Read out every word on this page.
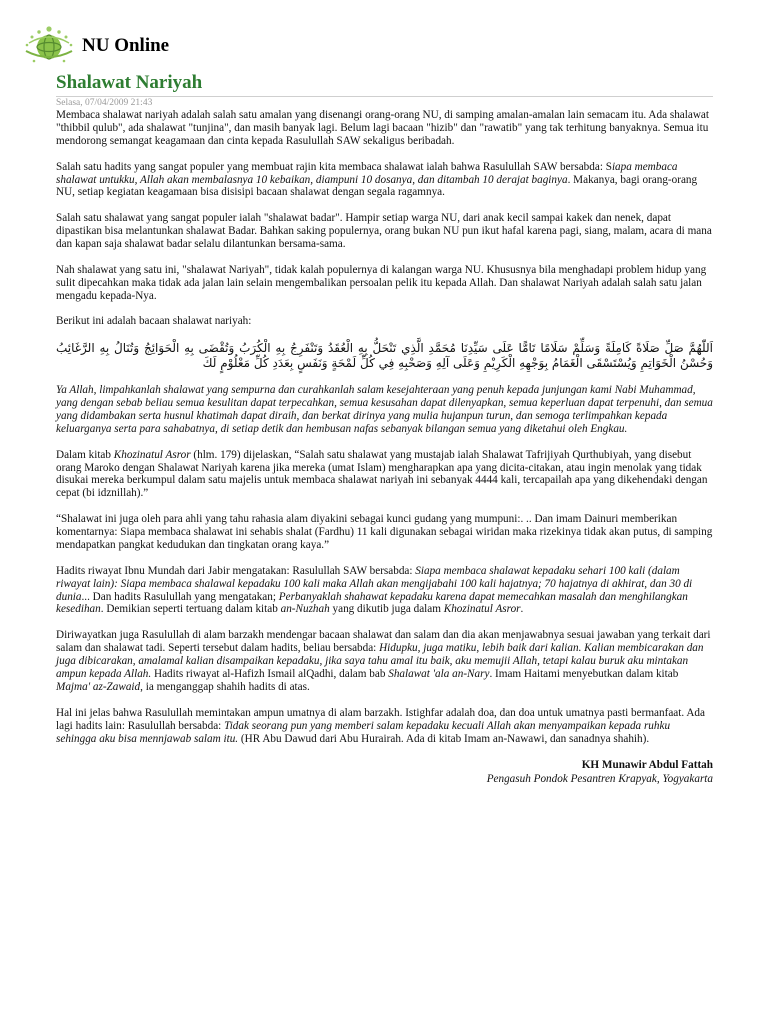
NU Online
Shalawat Nariyah
Selasa, 07/04/2009 21:43

Membaca shalawat nariyah adalah salah satu amalan yang disenangi orang-orang NU, di samping amalan-amalan lain semacam itu. Ada shalawat "thibbil qulub", ada shalawat "tunjina", dan masih banyak lagi. Belum lagi bacaan "hizib" dan "rawatib" yang tak terhitung banyaknya. Semua itu mendorong semangat keagamaan dan cinta kepada Rasulullah SAW sekaligus beribadah.

Salah satu hadits yang sangat populer yang membuat rajin kita membaca shalawat ialah bahwa Rasulullah SAW bersabda: Siapa membaca shalawat untukku, Allah akan membalasnya 10 kebaikan, diampuni 10 dosanya, dan ditambah 10 derajat baginya. Makanya, bagi orang-orang NU, setiap kegiatan keagamaan bisa disisipi bacaan shalawat dengan segala ragamnya.

Salah satu shalawat yang sangat populer ialah "shalawat badar". Hampir setiap warga NU, dari anak kecil sampai kakek dan nenek, dapat dipastikan bisa melantunkan shalawat Badar. Bahkan saking populernya, orang bukan NU pun ikut hafal karena pagi, siang, malam, acara di mana dan kapan saja shalawat badar selalu dilantunkan bersama-sama.

Nah shalawat yang satu ini, "shalawat Nariyah", tidak kalah populernya di kalangan warga NU. Khususnya bila menghadapi problem hidup yang sulit dipecahkan maka tidak ada jalan lain selain mengembalikan persoalan pelik itu kepada Allah. Dan shalawat Nariyah adalah salah satu jalan mengadu kepada-Nya.

Berikut ini adalah bacaan shalawat nariyah:

اَللّٰهُمَّ صَلِّ صَلَاةً كَامِلَةً وَسَلِّمْ سَلَامًا تَامًّا عَلَى سَيِّدِنَا مُحَمَّدِ الَّذِي تَنْحَلُّ بِهِ الْعُقَدُ وَتَنْفَرِجُ بِهِ الْكُرَبُ وَتُقْضَى بِهِ الْحَوَائِجُ وَتُنَالُ بِهِ الرَّغَائِبُ وَحُسْنُ الْخَوَاتِمِ وَيُسْتَسْقَى الْغَمَامُ بِوَجْهِهِ الْكَرِيْمِ وَعَلَى آلِهِ وَصَحْبِهِ فِي كُلِّ لَمْحَةٍ وَنَفَسٍ بِعَدَدِ كُلِّ مَعْلُوْمٍ لَكَ

Ya Allah, limpahkanlah shalawat yang sempurna dan curahkanlah salam kesejahteraan yang penuh kepada junjungan kami Nabi Muhammad, yang dengan sebab beliau semua kesulitan dapat terpecahkan, semua kesusahan dapat dilenyapkan, semua keperluan dapat terpenuhi, dan semua yang didambakan serta husnul khatimah dapat diraih, dan berkat dirinya yang mulia hujanpun turun, dan semoga terlimpahkan kepada keluarganya serta para sahabatnya, di setiap detik dan hembusan nafas sebanyak bilangan semua yang diketahui oleh Engkau.

Dalam kitab Khozinatul Asror (hlm. 179) dijelaskan, “Salah satu shalawat yang mustajab ialah Shalawat Tafrijiyah Qurthubiyah, yang disebut orang Maroko dengan Shalawat Nariyah karena jika mereka (umat Islam) mengharapkan apa yang dicita-citakan, atau ingin menolak yang tidak disukai mereka berkumpul dalam satu majelis untuk membaca shalawat nariyah ini sebanyak 4444 kali, tercapailah apa yang dikehendaki dengan cepat (bi idznillah).”

“Shalawat ini juga oleh para ahli yang tahu rahasia alam diyakini sebagai kunci gudang yang mumpuni:. .. Dan imam Dainuri memberikan komentarnya: Siapa membaca shalawat ini sehabis shalat (Fardhu) 11 kali digunakan sebagai wiridan maka rizekinya tidak akan putus, di samping mendapatkan pangkat kedudukan dan tingkatan orang kaya.”

Hadits riwayat Ibnu Mundah dari Jabir mengatakan: Rasulullah SAW bersabda: Siapa membaca shalawat kepadaku sehari 100 kali (dalam riwayat lain): Siapa membaca shalawal kepadaku 100 kali maka Allah akan mengijabahi 100 kali hajatnya; 70 hajatnya di akhirat, dan 30 di dunia... Dan hadits Rasulullah yang mengatakan; Perbanyaklah shahawat kepadaku karena dapat memecahkan masalah dan menghilangkan kesedihan. Demikian seperti tertuang dalam kitab an-Nuzhah yang dikutib juga dalam Khozinatul Asror.

Diriwayatkan juga Rasulullah di alam barzakh mendengar bacaan shalawat dan salam dan dia akan menjawabnya sesuai jawaban yang terkait dari salam dan shalawat tadi. Seperti tersebut dalam hadits, beliau bersabda: Hidupku, juga matiku, lebih baik dari kalian. Kalian membicarakan dan juga dibicarakan, amalamal kalian disampaikan kepadaku, jika saya tahu amal itu baik, aku memujii Allah, tetapi kalau buruk aku mintakan ampun kepada Allah. Hadits riwayat al-Hafizh Ismail alQadhi, dalam bab Shalawat 'ala an-Nary. Imam Haitami menyebutkan dalam kitab Majma' az-Zawaid, ia menganggap shahih hadits di atas.

Hal ini jelas bahwa Rasulullah memintakan ampun umatnya di alam barzakh. Istighfar adalah doa, dan doa untuk umatnya pasti bermanfaat. Ada lagi hadits lain: Rasulullah bersabda: Tidak seorang pun yang memberi salam kepadaku kecuali Allah akan menyampaikan kepada ruhku sehingga aku bisa mennjawab salam itu. (HR Abu Dawud dari Abu Hurairah. Ada di kitab Imam an-Nawawi, dan sanadnya shahih).

KH Munawir Abdul Fattah
Pengasuh Pondok Pesantren Krapyak, Yogyakarta
